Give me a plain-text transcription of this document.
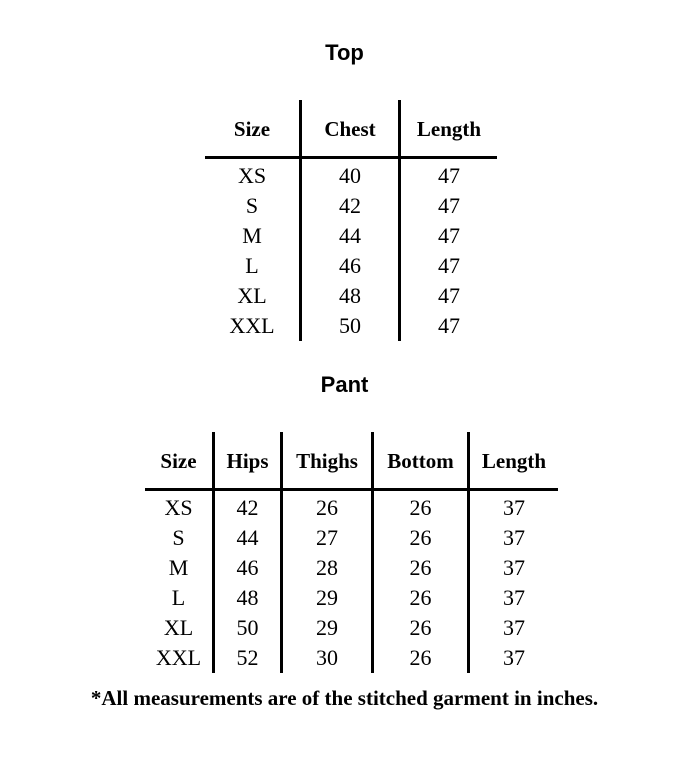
Top
Size	Chest	Length
XS	40	47
S	42	47
M	44	47
L	46	47
XL	48	47
XXL	50	47
Pant
Size	Hips	Thighs	Bottom	Length
XS	42	26	26	37
S	44	27	26	37
M	46	28	26	37
L	48	29	26	37
XL	50	29	26	37
XXL	52	30	26	37
*All measurements are of the stitched garment in inches.
